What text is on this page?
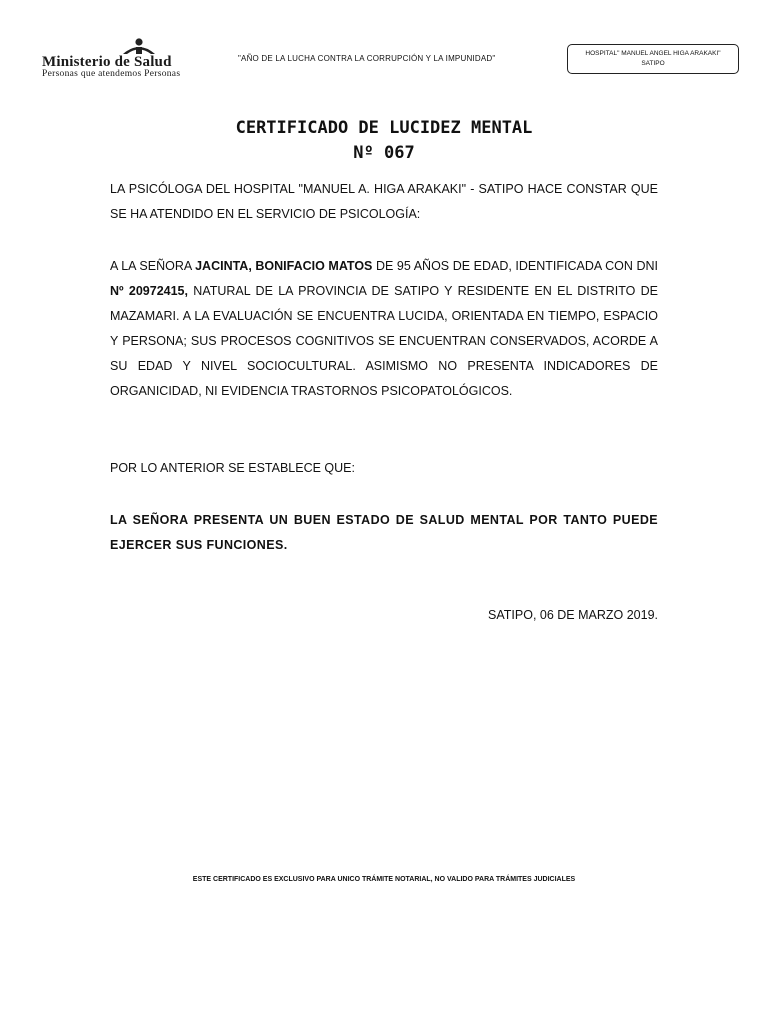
Ministerio de Salud
Personas que atendemos Personas
"AÑO DE LA LUCHA CONTRA LA CORRUPCIÓN Y LA IMPUNIDAD"
HOSPITAL" MANUEL ANGEL HIGA ARAKAKI"
SATIPO
CERTIFICADO DE LUCIDEZ MENTAL
Nº 067
LA PSICÓLOGA DEL HOSPITAL "MANUEL A. HIGA ARAKAKI" - SATIPO HACE CONSTAR QUE SE HA ATENDIDO EN EL SERVICIO DE PSICOLOGÍA:
A LA SEÑORA JACINTA, BONIFACIO MATOS DE 95 AÑOS DE EDAD, IDENTIFICADA CON DNI Nº 20972415, NATURAL DE LA PROVINCIA DE SATIPO Y RESIDENTE EN EL DISTRITO DE MAZAMARI. A LA EVALUACIÓN SE ENCUENTRA LUCIDA, ORIENTADA EN TIEMPO, ESPACIO Y PERSONA; SUS PROCESOS COGNITIVOS SE ENCUENTRAN CONSERVADOS, ACORDE A SU EDAD Y NIVEL SOCIOCULTURAL. ASIMISMO NO PRESENTA INDICADORES DE ORGANICIDAD, NI EVIDENCIA TRASTORNOS PSICOPATOLÓGICOS.
POR LO ANTERIOR SE ESTABLECE QUE:
LA SEÑORA PRESENTA UN BUEN ESTADO DE SALUD MENTAL POR TANTO PUEDE EJERCER SUS FUNCIONES.
SATIPO, 06 DE MARZO 2019.
ESTE CERTIFICADO ES EXCLUSIVO PARA UNICO TRÁMITE NOTARIAL, NO VALIDO PARA TRÁMITES JUDICIALES
